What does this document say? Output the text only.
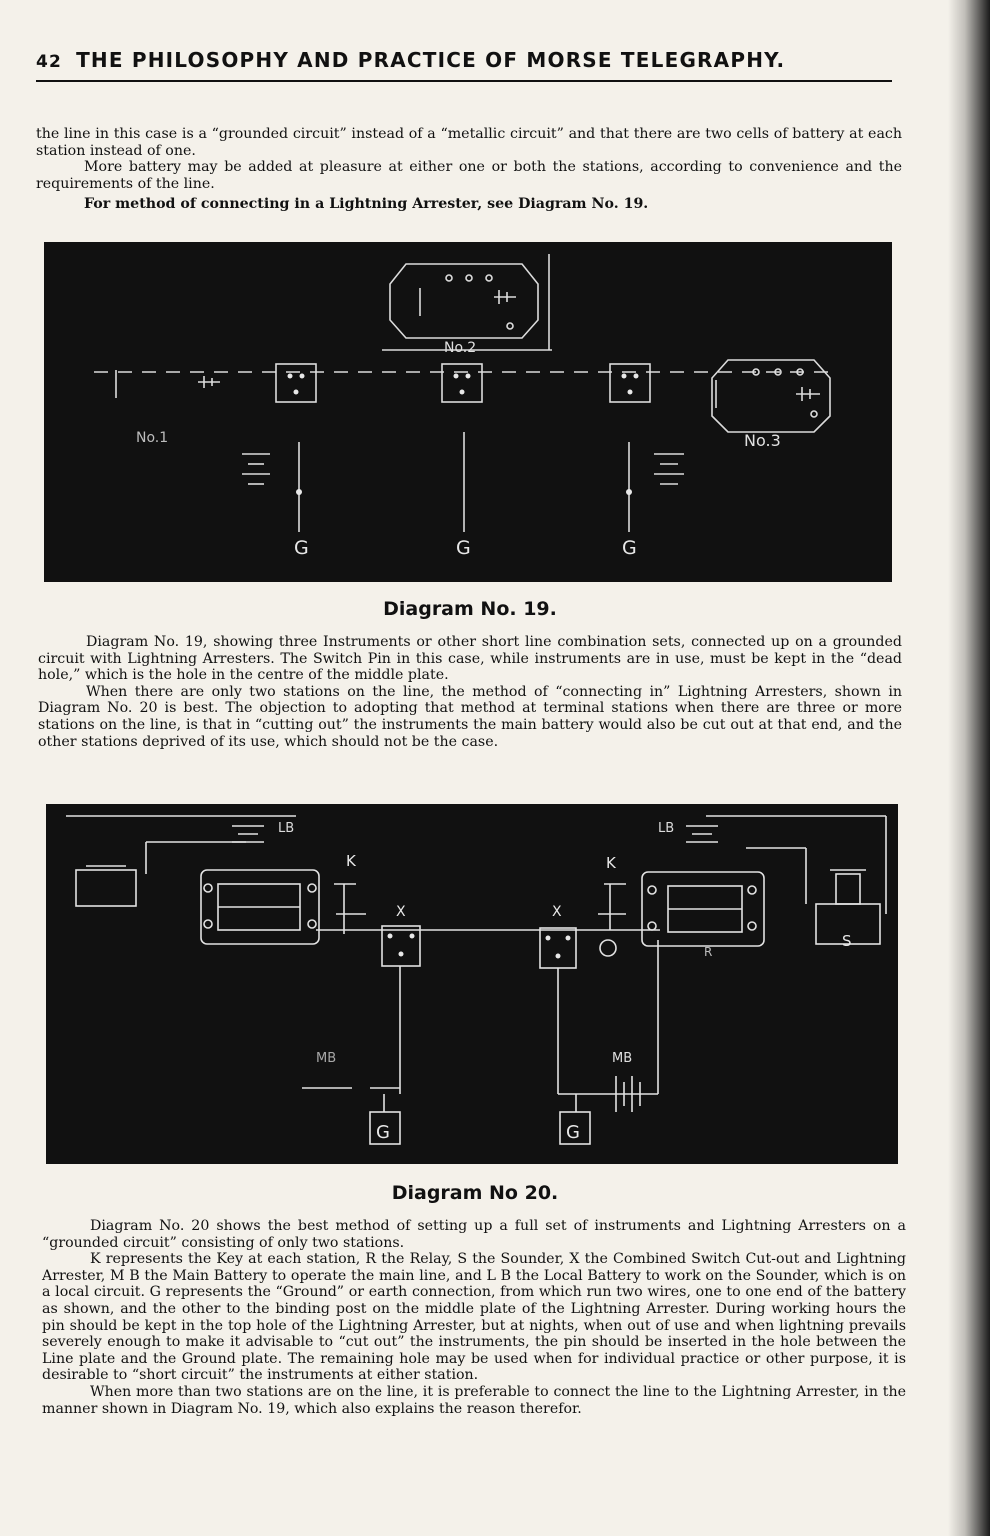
42 THE PHILOSOPHY AND PRACTICE OF MORSE TELEGRAPHY.

the line in this case is a “grounded circuit” instead of a “metallic circuit” and that there are two cells of battery at each station instead of one.

More battery may be added at pleasure at either one or both the stations, according to convenience and the requirements of the line.

For method of connecting in a Lightning Arrester, see Diagram No. 19.

No.2
No.1	No.3
G	G	G
Diagram No. 19.

Diagram No. 19, showing three Instruments or other short line combination sets, connected up on a grounded circuit with Lightning Arresters. The Switch Pin in this case, while instruments are in use, must be kept in the “dead hole,” which is the hole in the centre of the middle plate.

When there are only two stations on the line, the method of “connecting in” Lightning Arresters, shown in Diagram No. 20 is best. The objection to adopting that method at terminal stations when there are three or more stations on the line, is that in “cutting out” the instruments the main battery would also be cut out at that end, and the other stations deprived of its use, which should not be the case.

LB	LB
K	K
X	X
R
S
MB	MB
G	G
Diagram No 20.

Diagram No. 20 shows the best method of setting up a full set of instruments and Lightning Arresters on a “grounded circuit” consisting of only two stations.

K represents the Key at each station, R the Relay, S the Sounder, X the Combined Switch Cut-out and Lightning Arrester, M B the Main Battery to operate the main line, and L B the Local Battery to work on the Sounder, which is on a local circuit. G represents the “Ground” or earth connection, from which run two wires, one to one end of the battery as shown, and the other to the binding post on the middle plate of the Lightning Arrester. During working hours the pin should be kept in the top hole of the Lightning Arrester, but at nights, when out of use and when lightning prevails severely enough to make it advisable to “cut out” the instruments, the pin should be inserted in the hole between the Line plate and the Ground plate. The remaining hole may be used when for individual practice or other purpose, it is desirable to “short circuit” the instruments at either station.

When more than two stations are on the line, it is preferable to connect the line to the Lightning Arrester, in the manner shown in Diagram No. 19, which also explains the reason therefor.
